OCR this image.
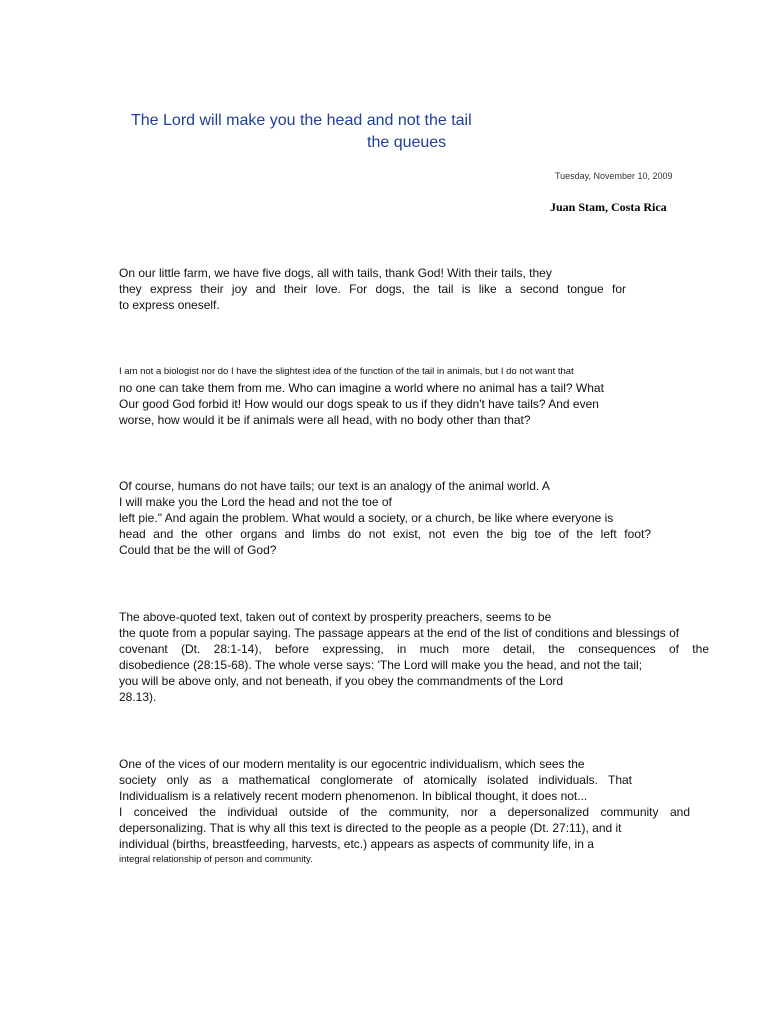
The Lord will make you the head and not the tail
the queues
Tuesday, November 10, 2009
Juan Stam, Costa Rica
On our little farm, we have five dogs, all with tails, thank God! With their tails, they
they express their joy and their love. For dogs, the tail is like a second tongue for
to express oneself.
I am not a biologist nor do I have the slightest idea of the function of the tail in animals, but I do not want that
no one can take them from me. Who can imagine a world where no animal has a tail? What
Our good God forbid it! How would our dogs speak to us if they didn't have tails? And even
worse, how would it be if animals were all head, with no body other than that?
Of course, humans do not have tails; our text is an analogy of the animal world. A
I will make you the Lord the head and not the toe of
left pie." And again the problem. What would a society, or a church, be like where everyone is
head and the other organs and limbs do not exist, not even the big toe of the left foot?
Could that be the will of God?
The above-quoted text, taken out of context by prosperity preachers, seems to be
the quote from a popular saying. The passage appears at the end of the list of conditions and blessings of
covenant (Dt. 28:1-14), before expressing, in much more detail, the consequences of the
disobedience (28:15-68). The whole verse says: 'The Lord will make you the head, and not the tail;
you will be above only, and not beneath, if you obey the commandments of the Lord
28.13).
One of the vices of our modern mentality is our egocentric individualism, which sees the
society only as a mathematical conglomerate of atomically isolated individuals. That
Individualism is a relatively recent modern phenomenon. In biblical thought, it does not...
I conceived the individual outside of the community, nor a depersonalized community and
depersonalizing. That is why all this text is directed to the people as a people (Dt. 27:11), and it
individual (births, breastfeeding, harvests, etc.) appears as aspects of community life, in a
integral relationship of person and community.
